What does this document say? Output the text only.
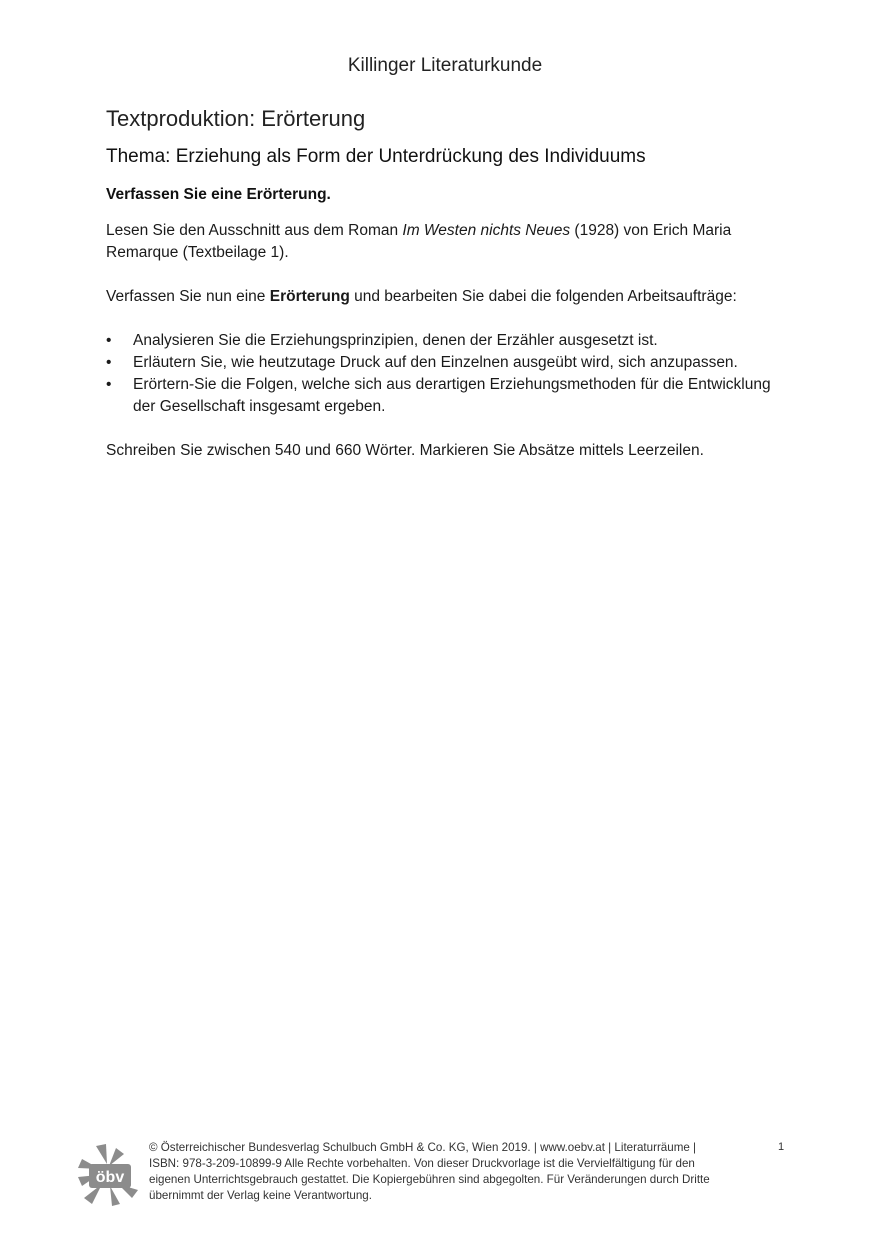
Killinger Literaturkunde
Textproduktion: Erörterung
Thema: Erziehung als Form der Unterdrückung des Individuums
Verfassen Sie eine Erörterung.

Lesen Sie den Ausschnitt aus dem Roman Im Westen nichts Neues (1928) von Erich Maria Remarque (Textbeilage 1).

Verfassen Sie nun eine Erörterung und bearbeiten Sie dabei die folgenden Arbeitsaufträge:

• Analysieren Sie die Erziehungsprinzipien, denen der Erzähler ausgesetzt ist.
• Erläutern Sie, wie heutzutage Druck auf den Einzelnen ausgeübt wird, sich anzupassen.
• Erörtern-Sie die Folgen, welche sich aus derartigen Erziehungsmethoden für die Entwicklung der Gesellschaft insgesamt ergeben.

Schreiben Sie zwischen 540 und 660 Wörter. Markieren Sie Absätze mittels Leerzeilen.

öbv
© Österreichischer Bundesverlag Schulbuch GmbH & Co. KG, Wien 2019. | www.oebv.at | Literaturräume |
ISBN: 978-3-209-10899-9 Alle Rechte vorbehalten. Von dieser Druckvorlage ist die Vervielfältigung für den
eigenen Unterrichtsgebrauch gestattet. Die Kopiergebühren sind abgegolten. Für Veränderungen durch Dritte
übernimmt der Verlag keine Verantwortung.
1
